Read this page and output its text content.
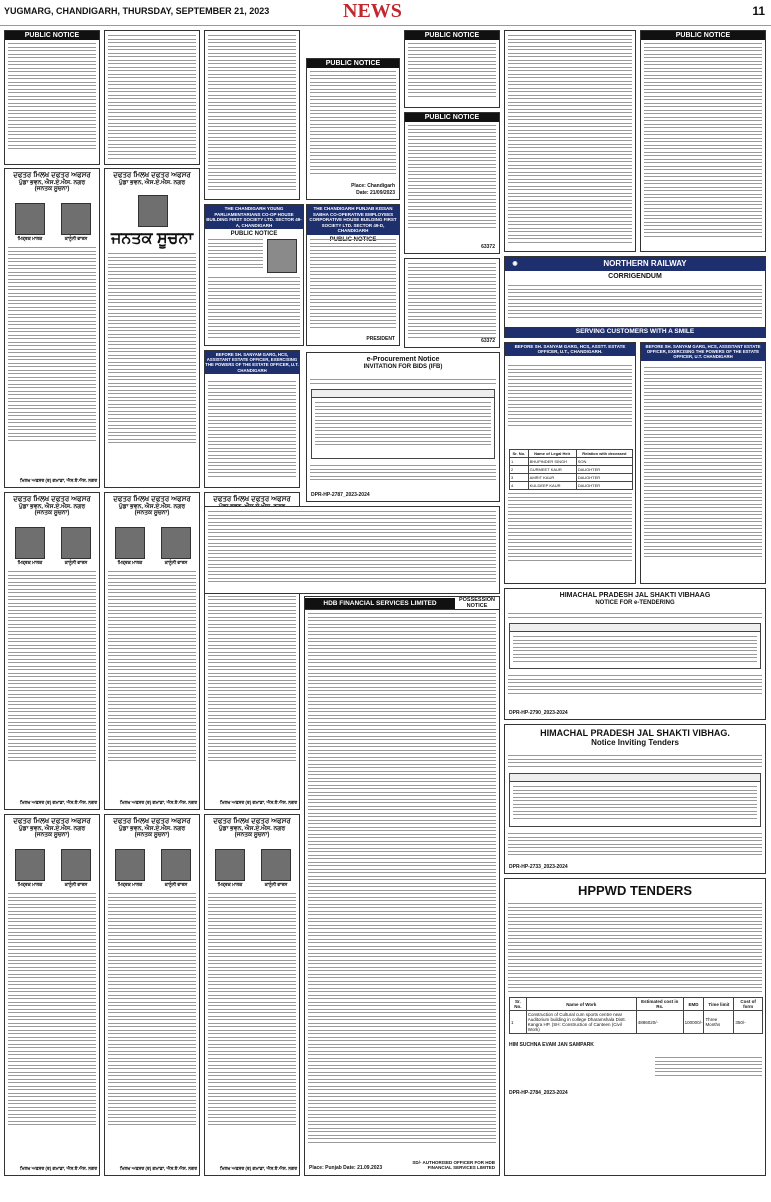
YUGMARG, CHANDIGARH, THURSDAY, SEPTEMBER 21, 2023	NEWS	11
PUBLIC NOTICE
ਦਫਤਰ ਮਿਲਖ ਦਫਤਰ ਅਫਸਰ
ਪੁੱਡਾ ਭਵਨ, ਐਸ.ਏ.ਐਸ. ਨਗਰ
(ਜਨਤਕ ਸੂਚਨਾ)
ਮਿਤ੍ਰਕ ਮਾਲਕ	ਕਾਨੂੰਨੀ ਵਾਰਸ
ਮਿਲਖ ਅਫਸਰ (ਰ) ਗਮਾਡਾ, ਐਸ.ਏ.ਐਸ. ਨਗਰ
ਦਫਤਰ ਮਿਲਖ ਦਫਤਰ ਅਫਸਰ
ਪੁੱਡਾ ਭਵਨ, ਐਸ.ਏ.ਐਸ. ਨਗਰ
ਜਨਤਕ ਸੂਚਨਾ
ਦਫਤਰ ਮਿਲਖ ਦਫਤਰ ਅਫਸਰ
ਪੁੱਡਾ ਭਵਨ, ਐਸ.ਏ.ਐਸ. ਨਗਰ
(ਜਨਤਕ ਸੂਚਨਾ)
ਮਿਤ੍ਰਕ ਮਾਲਕ	ਕਾਨੂੰਨੀ ਵਾਰਸ
ਮਿਲਖ ਅਫਸਰ (ਰ) ਗਮਾਡਾ, ਐਸ.ਏ.ਐਸ. ਨਗਰ
ਦਫਤਰ ਮਿਲਖ ਦਫਤਰ ਅਫਸਰ
ਪੁੱਡਾ ਭਵਨ, ਐਸ.ਏ.ਐਸ. ਨਗਰ
(ਜਨਤਕ ਸੂਚਨਾ)
ਮਿਤ੍ਰਕ ਮਾਲਕ	ਕਾਨੂੰਨੀ ਵਾਰਸ
ਮਿਲਖ ਅਫਸਰ (ਰ) ਗਮਾਡਾ, ਐਸ.ਏ.ਐਸ. ਨਗਰ
ਦਫਤਰ ਮਿਲਖ ਦਫਤਰ ਅਫਸਰ
ਮਿਲਖ ਅਫਸਰ (ਰ) ਗਮਾਡਾ, ਐਸ.ਏ.ਐਸ. ਨਗਰ
ਦਫਤਰ ਮਿਲਖ ਦਫਤਰ ਅਫਸਰ
ਪੁੱਡਾ ਭਵਨ, ਐਸ.ਏ.ਐਸ. ਨਗਰ
(ਜਨਤਕ ਸੂਚਨਾ)
ਮਿਤ੍ਰਕ ਮਾਲਕ	ਕਾਨੂੰਨੀ ਵਾਰਸ
ਮਿਲਖ ਅਫਸਰ (ਰ) ਗਮਾਡਾ, ਐਸ.ਏ.ਐਸ. ਨਗਰ
ਦਫਤਰ ਮਿਲਖ ਦਫਤਰ ਅਫਸਰ
ਪੁੱਡਾ ਭਵਨ, ਐਸ.ਏ.ਐਸ. ਨਗਰ
(ਜਨਤਕ ਸੂਚਨਾ)
ਮਿਤ੍ਰਕ ਮਾਲਕ	ਕਾਨੂੰਨੀ ਵਾਰਸ
ਮਿਲਖ ਅਫਸਰ (ਰ) ਗਮਾਡਾ, ਐਸ.ਏ.ਐਸ. ਨਗਰ
ਦਫਤਰ ਮਿਲਖ ਦਫਤਰ ਅਫਸਰ
ਪੁੱਡਾ ਭਵਨ, ਐਸ.ਏ.ਐਸ. ਨਗਰ
(ਜਨਤਕ ਸੂਚਨਾ)
ਮਿਤ੍ਰਕ ਮਾਲਕ	ਕਾਨੂੰਨੀ ਵਾਰਸ
ਮਿਲਖ ਅਫਸਰ (ਰ) ਗਮਾਡਾ, ਐਸ.ਏ.ਐਸ. ਨਗਰ
THE CHANDIGARH YOUNG PARLIAMENTARIANS CO-OP HOUSE BUILDING FIRST SOCIETY LTD. SECTOR 49-A, CHANDIGARH
PUBLIC NOTICE
THE CHANDIGARH PUNJAB KISSAN SABHA CO-OPERATIVE EMPLOYEES CORPORATIVE HOUSE BUILDING FIRST SOCIETY LTD. SECTOR 49-D, CHANDIGARH
PRESIDENT
BEFORE SH. SANYAM GARG, HCS, ASSISTANT ESTATE OFFICER, EXERCISING THE POWERS OF THE ESTATE OFFICER, U.T. CHANDIGARH
PUBLIC NOTICE
Place: Chandigarh
Date: 21/09/2023
PUBLIC NOTICE
63372
63372
e-Procurement Notice
INVITATION FOR BIDS (IFB)
DPR-HP-2787_2023-2024
HDB FINANCIAL SERVICES LIMITED	POSSESSION NOTICE
Place: Punjab Date: 21.09.2023
SD/- AUTHORISED OFFICER FOR HDB FINANCIAL SERVICES LIMITED
PUBLIC NOTICE	PUBLIC NOTICE
◉	NORTHERN RAILWAY
CORRIGENDUM
SERVING CUSTOMERS WITH A SMILE
BEFORE SH. SANYAM GARG, HCS, ASSTT. ESTATE OFFICER, U.T., CHANDIGARH.
Sr. No.	Name of Legal Heir	Relation with deceased
1	BHUPINDER SINGH	SON
2	GURMEET KAUR	DAUGHTER
3	AMRIT KAUR	DAUGHTER
4	KULDEEP KAUR	DAUGHTER
BEFORE SH. SANYAM GARG, HCS, ASSISTANT ESTATE OFFICER, EXERCISING THE POWERS OF THE ESTATE OFFICER, U.T. CHANDIGARH
HIMACHAL PRADESH JAL SHAKTI VIBHAAG
NOTICE FOR e-TENDERING
DPR-HP-2790_2023-2024
HIMACHAL PRADESH JAL SHAKTI VIBHAG.
Notice Inviting Tenders
DPR-HP-2733_2023-2024
HPPWD TENDERS
Sr. No.	Name of Work	Estimated cost in Rs.	EMD	Time limit	Cost of form
1	Construction of Cultural cum sports centre near Auditorium building in college Dharamshala Distt. Kangra HP. (SH: Construction of Canteen (Civil Work)	4886020/-	100000/-	Three Months	350/-
HIM SUCHNA EVAM JAN SAMPARK
DPR-HP-2784_2023-2024
